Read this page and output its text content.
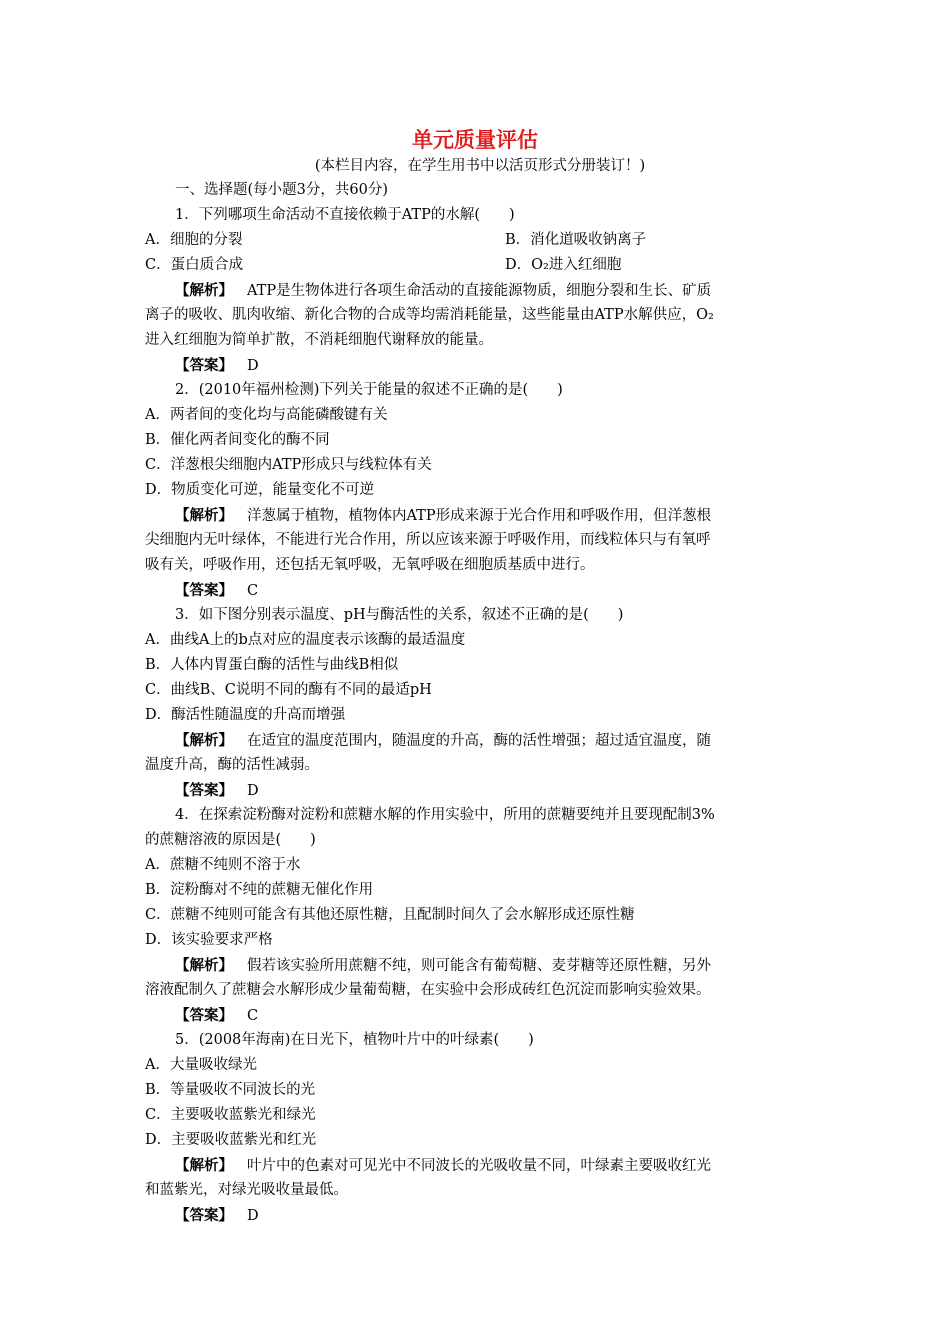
单元质量评估
(本栏目内容，在学生用书中以活页形式分册装订！)
一、选择题(每小题3分，共60分)
1．下列哪项生命活动不直接依赖于ATP的水解(　　)
A．细胞的分裂	B．消化道吸收钠离子
C．蛋白质合成	D．O₂进入红细胞
【解析】 ATP是生物体进行各项生命活动的直接能源物质，细胞分裂和生长、矿质
离子的吸收、肌肉收缩、新化合物的合成等均需消耗能量，这些能量由ATP水解供应，O₂
进入红细胞为简单扩散，不消耗细胞代谢释放的能量。
【答案】 D
2．(2010年福州检测)下列关于能量的叙述不正确的是(　　)
A．两者间的变化均与高能磷酸键有关
B．催化两者间变化的酶不同
C．洋葱根尖细胞内ATP形成只与线粒体有关
D．物质变化可逆，能量变化不可逆
【解析】 洋葱属于植物，植物体内ATP形成来源于光合作用和呼吸作用，但洋葱根
尖细胞内无叶绿体，不能进行光合作用，所以应该来源于呼吸作用，而线粒体只与有氧呼
吸有关，呼吸作用，还包括无氧呼吸，无氧呼吸在细胞质基质中进行。
【答案】 C
3．如下图分别表示温度、pH与酶活性的关系，叙述不正确的是(　　)
A．曲线A上的b点对应的温度表示该酶的最适温度
B．人体内胃蛋白酶的活性与曲线B相似
C．曲线B、C说明不同的酶有不同的最适pH
D．酶活性随温度的升高而增强
【解析】 在适宜的温度范围内，随温度的升高，酶的活性增强；超过适宜温度，随
温度升高，酶的活性减弱。
【答案】 D
4．在探索淀粉酶对淀粉和蔗糖水解的作用实验中，所用的蔗糖要纯并且要现配制3%
的蔗糖溶液的原因是(　　)
A．蔗糖不纯则不溶于水
B．淀粉酶对不纯的蔗糖无催化作用
C．蔗糖不纯则可能含有其他还原性糖，且配制时间久了会水解形成还原性糖
D．该实验要求严格
【解析】 假若该实验所用蔗糖不纯，则可能含有葡萄糖、麦芽糖等还原性糖，另外
溶液配制久了蔗糖会水解形成少量葡萄糖，在实验中会形成砖红色沉淀而影响实验效果。
【答案】 C
5．(2008年海南)在日光下，植物叶片中的叶绿素(　　)
A．大量吸收绿光
B．等量吸收不同波长的光
C．主要吸收蓝紫光和绿光
D．主要吸收蓝紫光和红光
【解析】 叶片中的色素对可见光中不同波长的光吸收量不同，叶绿素主要吸收红光
和蓝紫光，对绿光吸收量最低。
【答案】 D
